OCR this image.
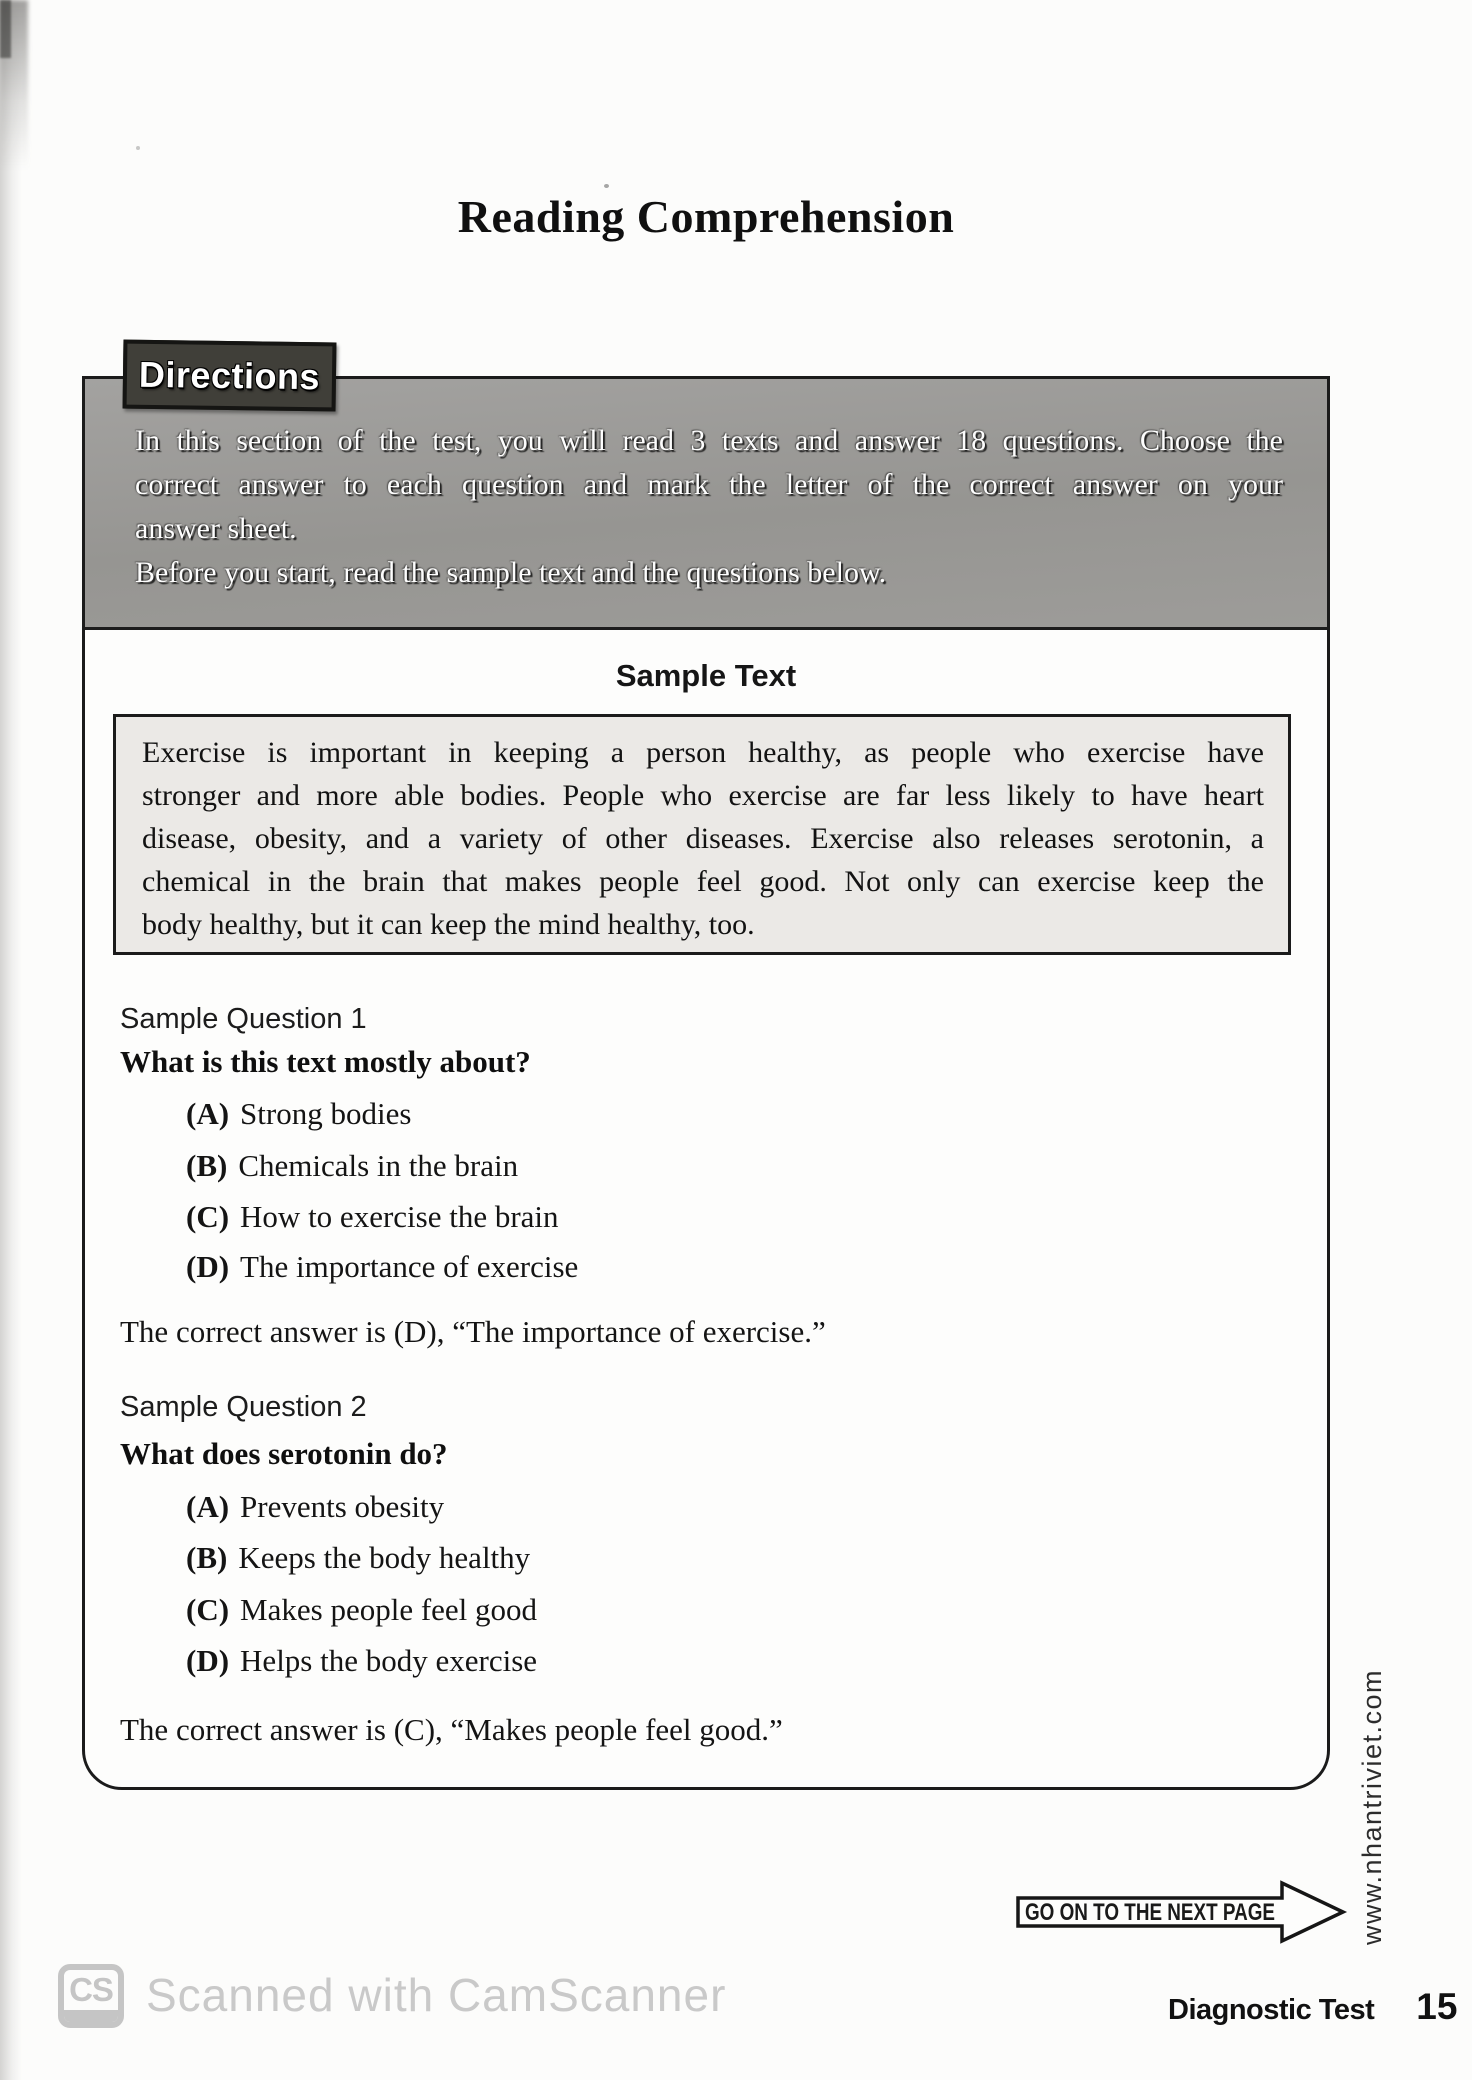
Reading Comprehension
In this section of the test, you will read 3 texts and answer 18 questions. Choose the
correct answer to each question and mark the letter of the correct answer on your
answer sheet.
Before you start, read the sample text and the questions below.
Directions
Sample Text
Exercise is important in keeping a person healthy, as people who exercise have
stronger and more able bodies. People who exercise are far less likely to have heart
disease, obesity, and a variety of other diseases. Exercise also releases serotonin, a
chemical in the brain that makes people feel good. Not only can exercise keep the
body healthy, but it can keep the mind healthy, too.
Sample Question 1
What is this text mostly about?
(A) Strong bodies
(B) Chemicals in the brain
(C) How to exercise the brain
(D) The importance of exercise
The correct answer is (D), “The importance of exercise.”
Sample Question 2
What does serotonin do?
(A) Prevents obesity
(B) Keeps the body healthy
(C) Makes people feel good
(D) Helps the body exercise
The correct answer is (C), “Makes people feel good.”
GO ON TO THE NEXT PAGE	www.nhantriviet.com
CS Scanned with CamScanner	Diagnostic Test 15
